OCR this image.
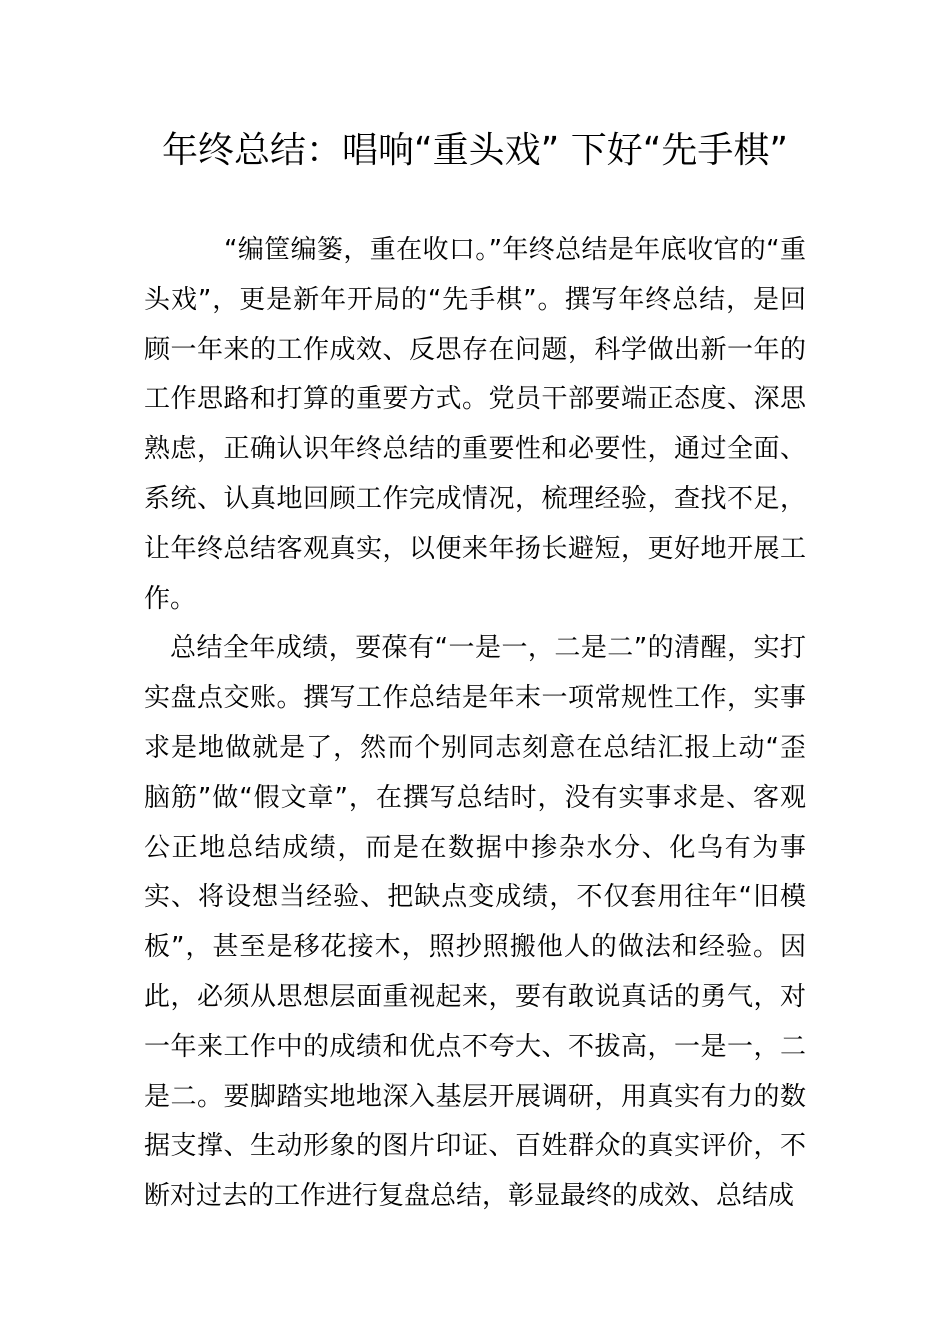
年终总结：唱响“重头戏” 下好“先手棋”

“编筐编篓，重在收口。”年终总结是年底收官的“重头戏”，更是新年开局的“先手棋”。撰写年终总结，是回顾一年来的工作成效、反思存在问题，科学做出新一年的工作思路和打算的重要方式。党员干部要端正态度、深思熟虑，正确认识年终总结的重要性和必要性，通过全面、系统、认真地回顾工作完成情况，梳理经验，查找不足，让年终总结客观真实，以便来年扬长避短，更好地开展工作。

总结全年成绩，要葆有“一是一，二是二”的清醒，实打实盘点交账。撰写工作总结是年末一项常规性工作，实事求是地做就是了，然而个别同志刻意在总结汇报上动“歪脑筋”做“假文章”，在撰写总结时，没有实事求是、客观公正地总结成绩，而是在数据中掺杂水分、化乌有为事实、将设想当经验、把缺点变成绩，不仅套用往年“旧模板”，甚至是移花接木，照抄照搬他人的做法和经验。因此，必须从思想层面重视起来，要有敢说真话的勇气，对一年来工作中的成绩和优点不夸大、不拔高，一是一，二是二。要脚踏实地地深入基层开展调研，用真实有力的数据支撑、生动形象的图片印证、百姓群众的真实评价，不断对过去的工作进行复盘总结，彰显最终的成效、总结成
